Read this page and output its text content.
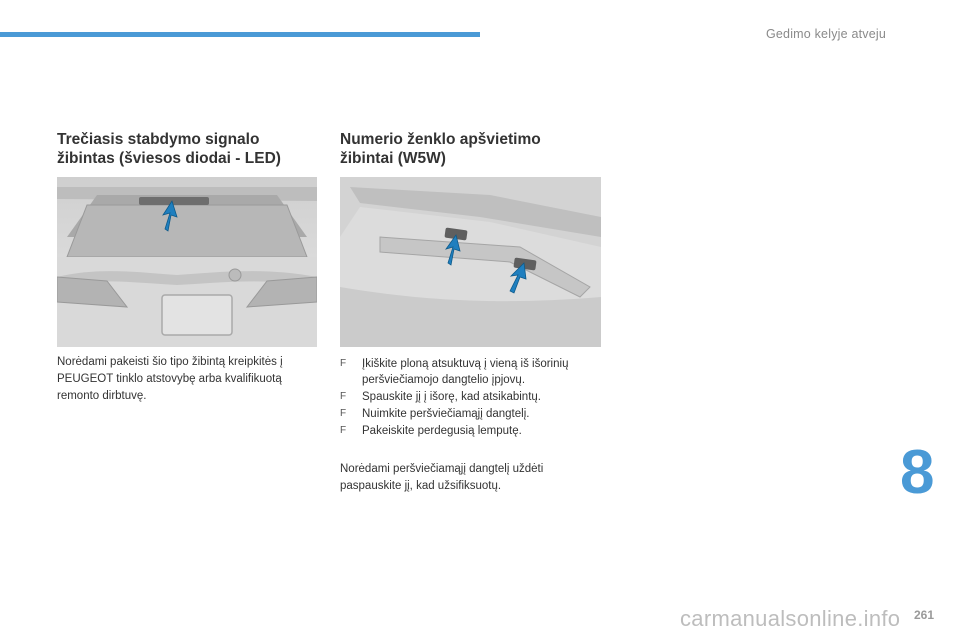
Gedimo kelyje atveju
Trečiasis stabdymo signalo
žibintas (šviesos diodai - LED)

Norėdami pakeisti šio tipo žibintą kreipkitės į
PEUGEOT tinklo atstovybę arba kvalifikuotą
remonto dirbtuvę.

Numerio ženklo apšvietimo
žibintai (W5W)
F Įkiškite ploną atsuktuvą į vieną iš išorinių
peršviečiamojo dangtelio įpjovų.
F Spauskite jį į išorę, kad atsikabintų.
F Nuimkite peršviečiamąjį dangtelį.
F Pakeiskite perdegusią lemputę.

Norėdami peršviečiamąjį dangtelį uždėti
paspauskite jį, kad užsifiksuotų.	8
carmanualsonline.info 261
